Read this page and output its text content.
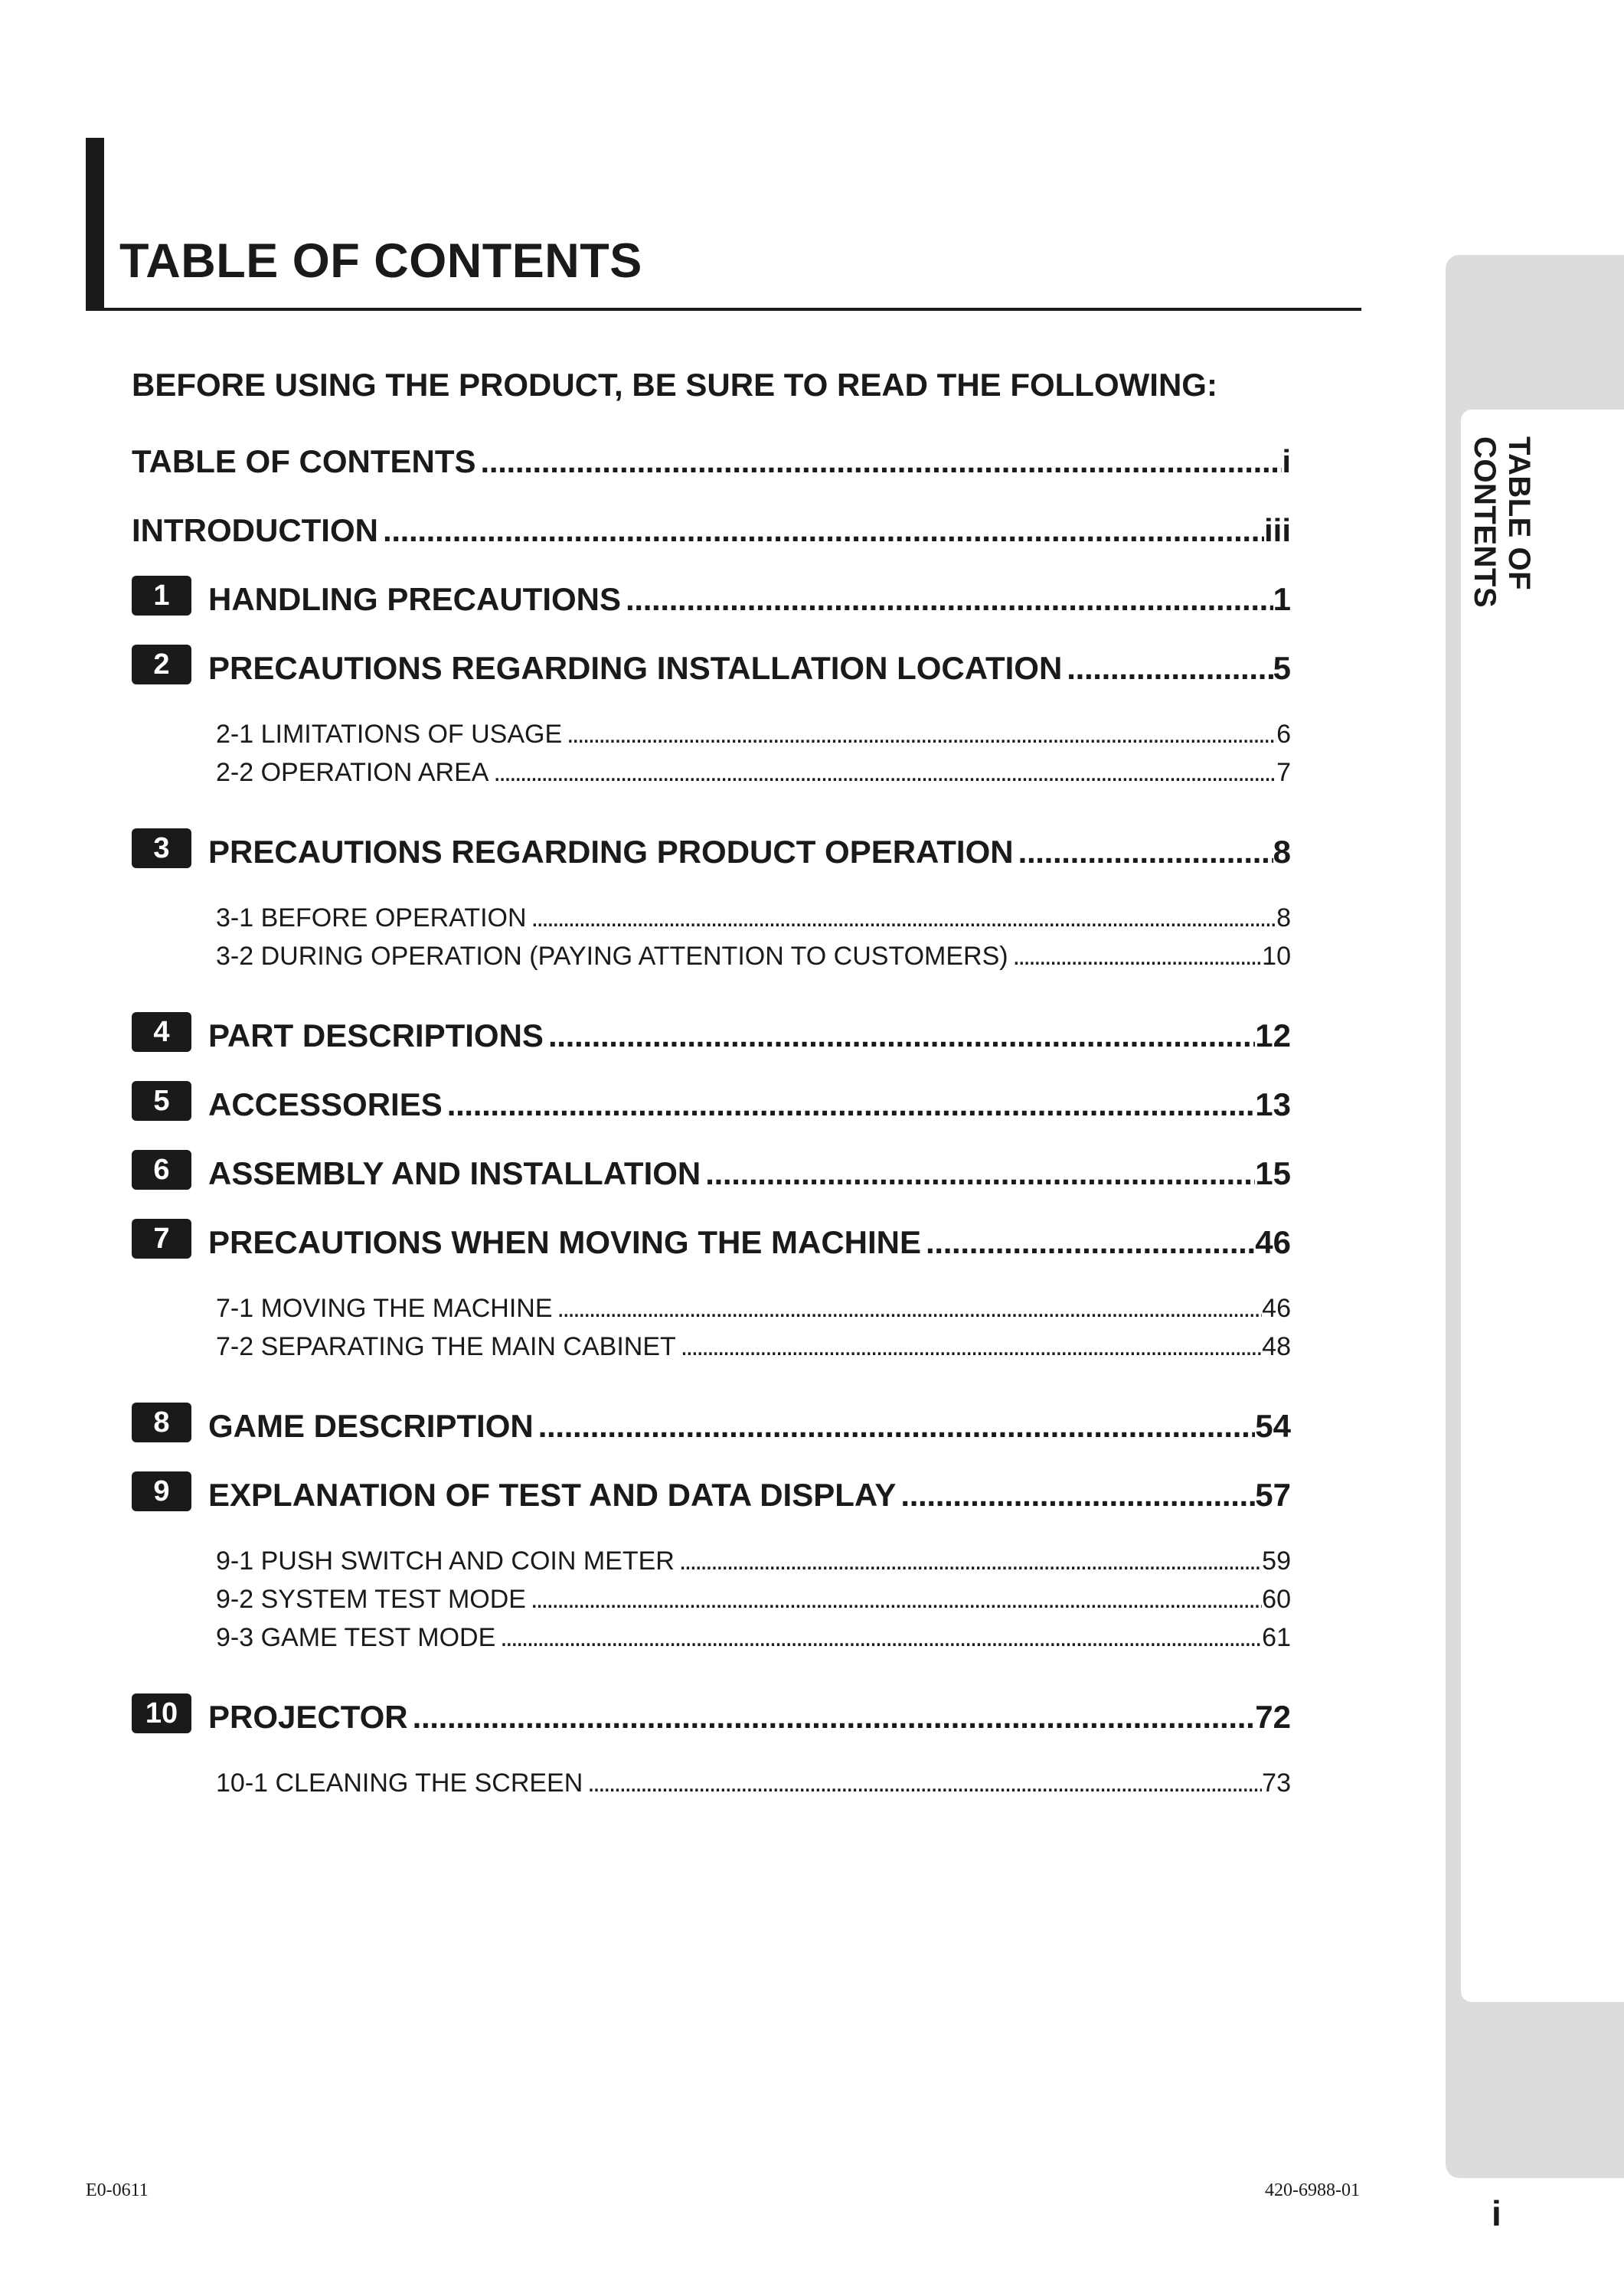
TABLE OF CONTENTS
TABLE OF CONTENTS
BEFORE USING THE PRODUCT, BE SURE TO READ THE FOLLOWING:
TABLE OF CONTENTS . . .	i
INTRODUCTION . . .	iii
1	HANDLING PRECAUTIONS . . .	1
2	PRECAUTIONS REGARDING INSTALLATION LOCATION . . .	5
2-1 LIMITATIONS OF USAGE . . .	6
2-2 OPERATION AREA . . .	7
3	PRECAUTIONS REGARDING PRODUCT OPERATION . . .	8
3-1 BEFORE OPERATION . . .	8
3-2 DURING OPERATION (PAYING ATTENTION TO CUSTOMERS) . . .	10
4	PART DESCRIPTIONS . . .	12
5	ACCESSORIES . . .	13
6	ASSEMBLY AND INSTALLATION . . .	15
7	PRECAUTIONS WHEN MOVING THE MACHINE . . .	46
7-1 MOVING THE MACHINE . . .	46
7-2 SEPARATING THE MAIN CABINET . . .	48
8	GAME DESCRIPTION . . .	54
9	EXPLANATION OF TEST AND DATA DISPLAY . . .	57
9-1 PUSH SWITCH AND COIN METER . . .	59
9-2 SYSTEM TEST MODE . . .	60
9-3 GAME TEST MODE . . .	61
10 PROJECTOR . . .	72
10-1 CLEANING THE SCREEN . . .	73
E0-0611	420-6988-01
i
